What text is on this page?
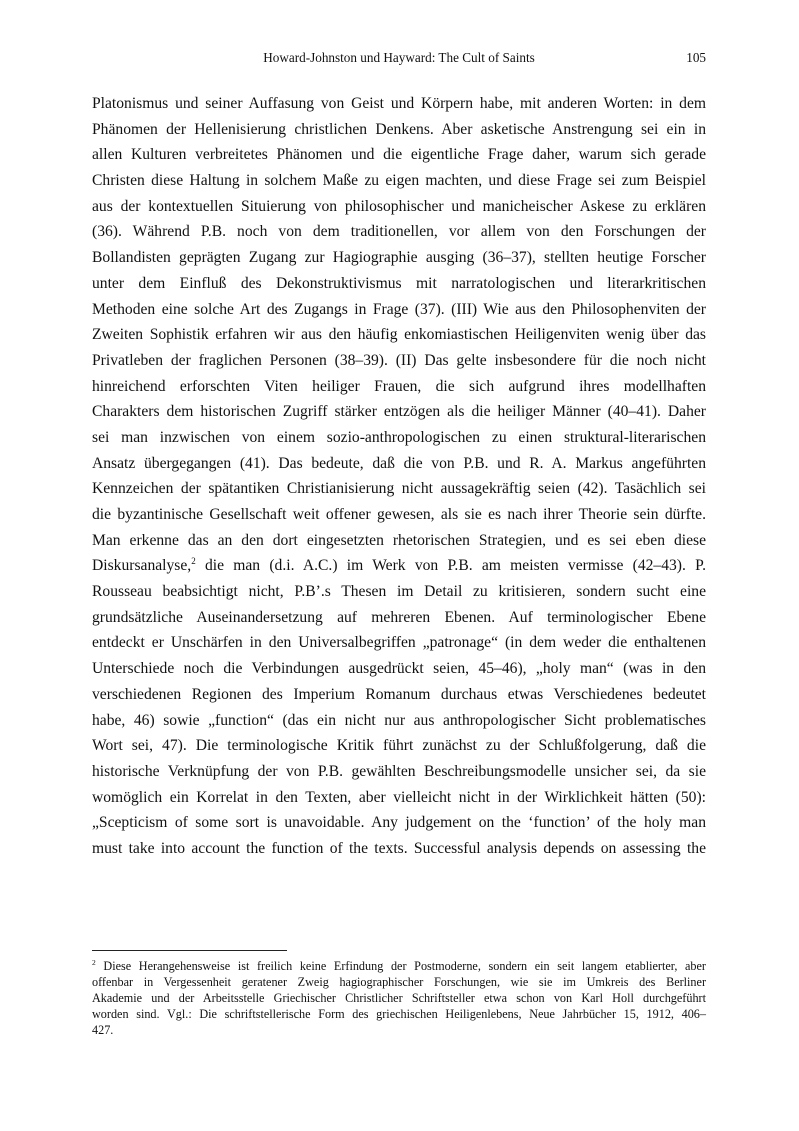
Howard-Johnston und Hayward: The Cult of Saints	105
Platonismus und seiner Auffasung von Geist und Körpern habe, mit anderen Worten: in dem
Phänomen der Hellenisierung christlichen Denkens. Aber asketische Anstrengung sei ein in
allen Kulturen verbreitetes Phänomen und die eigentliche Frage daher, warum sich gerade
Christen diese Haltung in solchem Maße zu eigen machten, und diese Frage sei zum Beispiel
aus der kontextuellen Situierung von philosophischer und manicheischer Askese zu erklären
(36). Während P.B. noch von dem traditionellen, vor allem von den Forschungen der
Bollandisten geprägten Zugang zur Hagiographie ausging (36–37), stellten heutige Forscher
unter dem Einfluß des Dekonstruktivismus mit narratologischen und literarkritischen
Methoden eine solche Art des Zugangs in Frage (37). (III) Wie aus den Philosophenviten der
Zweiten Sophistik erfahren wir aus den häufig enkomiastischen Heiligenviten wenig über das
Privatleben der fraglichen Personen (38–39). (II) Das gelte insbesondere für die noch nicht
hinreichend erforschten Viten heiliger Frauen, die sich aufgrund ihres modellhaften
Charakters dem historischen Zugriff stärker entzögen als die heiliger Männer (40–41). Daher
sei man inzwischen von einem sozio-anthropologischen zu einen struktural-literarischen
Ansatz übergegangen (41). Das bedeute, daß die von P.B. und R. A. Markus angeführten
Kennzeichen der spätantiken Christianisierung nicht aussagekräftig seien (42). Tasächlich sei
die byzantinische Gesellschaft weit offener gewesen, als sie es nach ihrer Theorie sein dürfte.
Man erkenne das an den dort eingesetzten rhetorischen Strategien, und es sei eben diese
Diskursanalyse,$^2$ die man (d.i. A.C.) im Werk von P.B. am meisten vermisse (42–43). P.
Rousseau beabsichtigt nicht, P.B’.s Thesen im Detail zu kritisieren, sondern sucht eine
grundsätzliche Auseinandersetzung auf mehreren Ebenen. Auf terminologischer Ebene
entdeckt er Unschärfen in den Universalbegriffen „patronage“ (in dem weder die enthaltenen
Unterschiede noch die Verbindungen ausgedrückt seien, 45–46), „holy man“ (was in den
verschiedenen Regionen des Imperium Romanum durchaus etwas Verschiedenes bedeutet
habe, 46) sowie „function“ (das ein nicht nur aus anthropologischer Sicht problematisches
Wort sei, 47). Die terminologische Kritik führt zunächst zu der Schlußfolgerung, daß die
historische Verknüpfung der von P.B. gewählten Beschreibungsmodelle unsicher sei, da sie
womöglich ein Korrelat in den Texten, aber vielleicht nicht in der Wirklichkeit hätten (50):
„Scepticism of some sort is unavoidable. Any judgement on the ‘function’ of the holy man
must take into account the function of the texts. Successful analysis depends on assessing the
$^2$ Diese Herangehensweise ist freilich keine Erfindung der Postmoderne, sondern ein seit langem etablierter, aber
offenbar in Vergessenheit geratener Zweig hagiographischer Forschungen, wie sie im Umkreis des Berliner
Akademie und der Arbeitsstelle Griechischer Christlicher Schriftsteller etwa schon von Karl Holl durchgeführt
worden sind. Vgl.: Die schriftstellerische Form des griechischen Heiligenlebens, Neue Jahrbücher 15, 1912, 406–
427.
